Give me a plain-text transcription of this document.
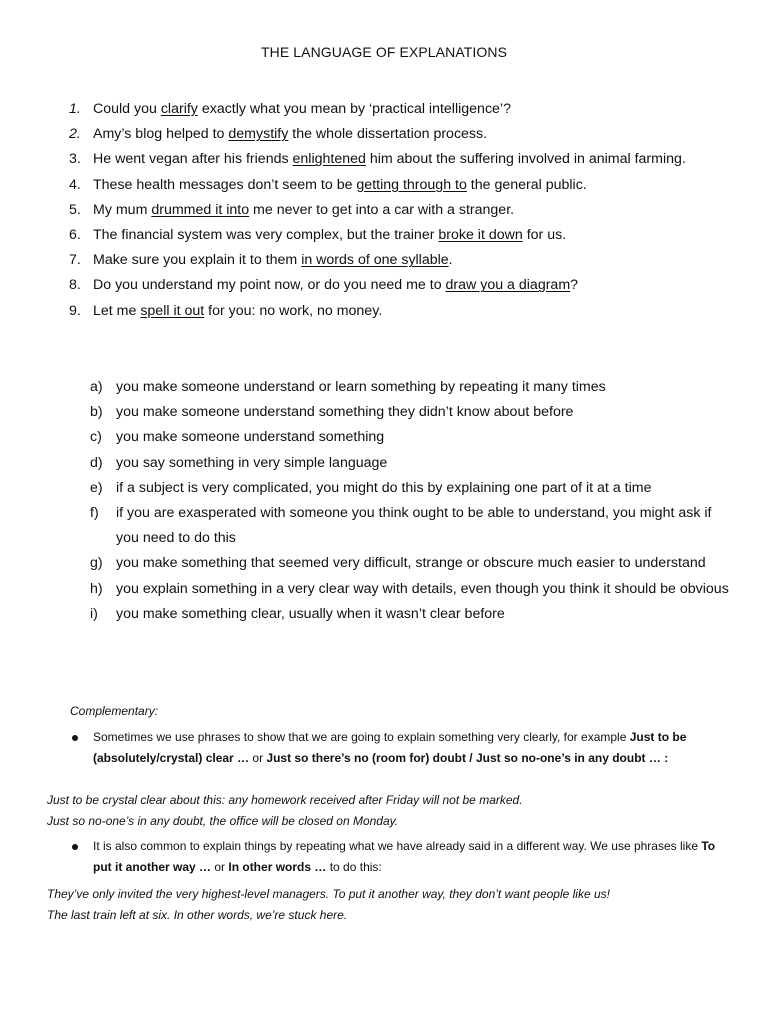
THE LANGUAGE OF EXPLANATIONS
1. Could you clarify exactly what you mean by ‘practical intelligence’?
2. Amy’s blog helped to demystify the whole dissertation process.
3. He went vegan after his friends enlightened him about the suffering involved in animal farming.
4. These health messages don’t seem to be getting through to the general public.
5. My mum drummed it into me never to get into a car with a stranger.
6. The financial system was very complex, but the trainer broke it down for us.
7. Make sure you explain it to them in words of one syllable.
8. Do you understand my point now, or do you need me to draw you a diagram?
9. Let me spell it out for you: no work, no money.
a) you make someone understand or learn something by repeating it many times
b) you make someone understand something they didn’t know about before
c) you make someone understand something
d) you say something in very simple language
e) if a subject is very complicated, you might do this by explaining one part of it at a time
f) if you are exasperated with someone you think ought to be able to understand, you might ask if you need to do this
g) you make something that seemed very difficult, strange or obscure much easier to understand
h) you explain something in a very clear way with details, even though you think it should be obvious
i) you make something clear, usually when it wasn’t clear before
Complementary:
Sometimes we use phrases to show that we are going to explain something very clearly, for example Just to be (absolutely/crystal) clear … or Just so there’s no (room for) doubt / Just so no-one’s in any doubt … :
Just to be crystal clear about this: any homework received after Friday will not be marked.
Just so no-one’s in any doubt, the office will be closed on Monday.
It is also common to explain things by repeating what we have already said in a different way. We use phrases like To put it another way … or In other words … to do this:
They’ve only invited the very highest-level managers. To put it another way, they don’t want people like us!
The last train left at six. In other words, we’re stuck here.
